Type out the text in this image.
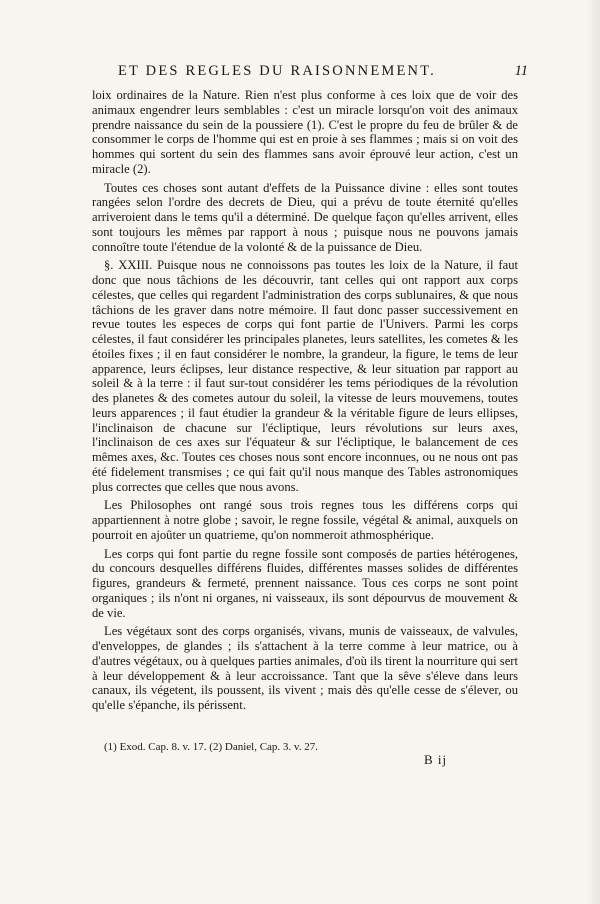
ET DES REGLES DU RAISONNEMENT.	11

loix ordinaires de la Nature. Rien n'est plus conforme à ces loix que de voir des animaux engendrer leurs semblables : c'est un miracle lorsqu'on voit des animaux prendre naissance du sein de la poussiere (1). C'est le propre du feu de brûler & de consommer le corps de l'homme qui est en proie à ses flammes ; mais si on voit des hommes qui sortent du sein des flammes sans avoir éprouvé leur action, c'est un miracle (2).

Toutes ces choses sont autant d'effets de la Puissance divine : elles sont toutes rangées selon l'ordre des decrets de Dieu, qui a prévu de toute éternité qu'elles arriveroient dans le tems qu'il a déterminé. De quelque façon qu'elles arrivent, elles sont toujours les mêmes par rapport à nous ; puisque nous ne pouvons jamais connoître toute l'étendue de la volonté & de la puissance de Dieu.

§. XXIII. Puisque nous ne connoissons pas toutes les loix de la Nature, il faut donc que nous tâchions de les découvrir, tant celles qui ont rapport aux corps célestes, que celles qui regardent l'administration des corps sublunaires, & que nous tâchions de les graver dans notre mémoire. Il faut donc passer successivement en revue toutes les especes de corps qui font partie de l'Univers. Parmi les corps célestes, il faut considérer les principales planetes, leurs satellites, les cometes & les étoiles fixes ; il en faut considérer le nombre, la grandeur, la figure, le tems de leur apparence, leurs éclipses, leur distance respective, & leur situation par rapport au soleil & à la terre : il faut sur-tout considérer les tems périodiques de la révolution des planetes & des cometes autour du soleil, la vitesse de leurs mouvemens, toutes leurs apparences ; il faut étudier la grandeur & la véritable figure de leurs ellipses, l'inclinaison de chacune sur l'écliptique, leurs révolutions sur leurs axes, l'inclinaison de ces axes sur l'équateur & sur l'écliptique, le balancement de ces mêmes axes, &c. Toutes ces choses nous sont encore inconnues, ou ne nous ont pas été fidelement transmises ; ce qui fait qu'il nous manque des Tables astronomiques plus correctes que celles que nous avons.

Les Philosophes ont rangé sous trois regnes tous les différens corps qui appartiennent à notre globe ; savoir, le regne fossile, végétal & animal, auxquels on pourroit en ajoûter un quatrieme, qu'on nommeroit athmosphérique.

Les corps qui font partie du regne fossile sont composés de parties hétérogenes, du concours desquelles différens fluides, différentes masses solides de différentes figures, grandeurs & fermeté, prennent naissance. Tous ces corps ne sont point organiques ; ils n'ont ni organes, ni vaisseaux, ils sont dépourvus de mouvement & de vie.

Les végétaux sont des corps organisés, vivans, munis de vaisseaux, de valvules, d'enveloppes, de glandes ; ils s'attachent à la terre comme à leur matrice, ou à d'autres végétaux, ou à quelques parties animales, d'où ils tirent la nourriture qui sert à leur développement & à leur accroissance. Tant que la sêve s'éleve dans leurs canaux, ils végetent, ils poussent, ils vivent ; mais dès qu'elle cesse de s'élever, ou qu'elle s'épanche, ils périssent.

(1) Exod. Cap. 8. v. 17. (2) Daniel, Cap. 3. v. 27.
B ij
